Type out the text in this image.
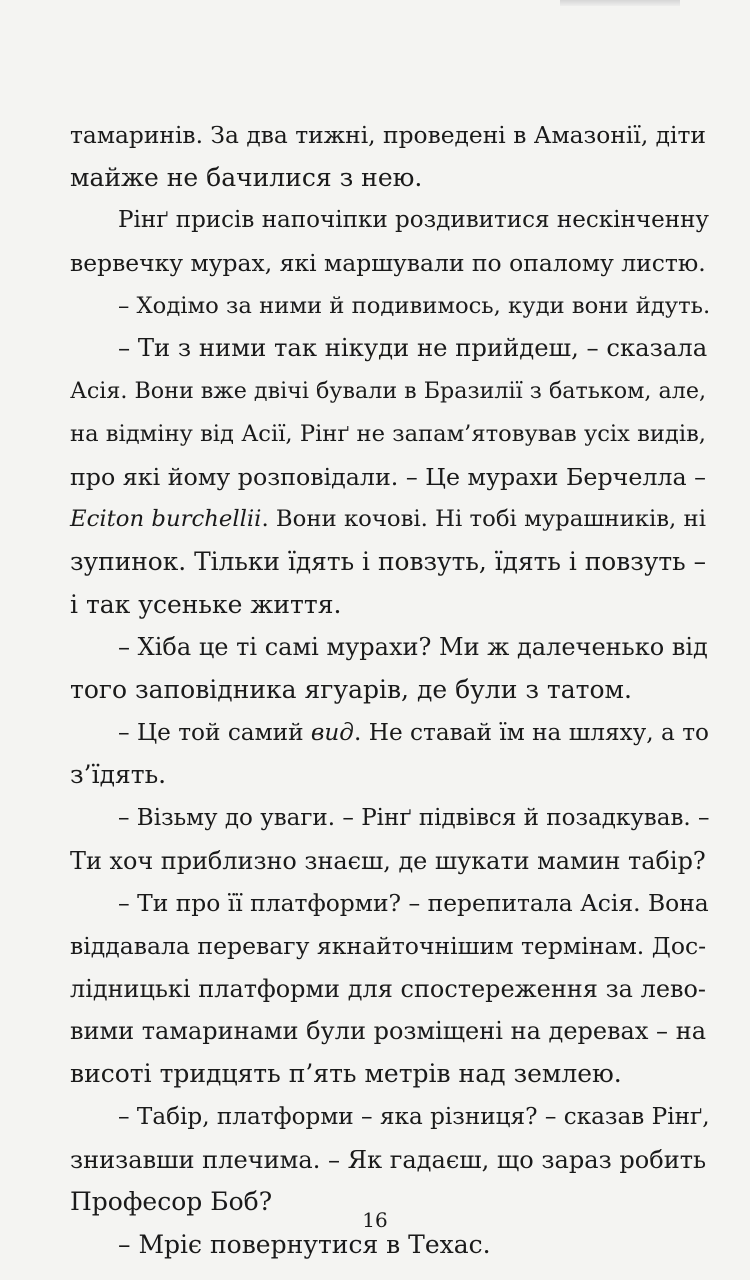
тамаринів. За два тижні, проведені в Амазонії, діти
майже не бачилися з нею.
Рінґ присів напочіпки роздивитися нескінченну
вервечку мурах, які маршували по опалому листю.
– Ходімо за ними й подивимось, куди вони йдуть.
– Ти з ними так нікуди не прийдеш, – сказала
Асія. Вони вже двічі бували в Бразилії з батьком, але,
на відміну від Асії, Рінґ не запам’ятовував усіх видів,
про які йому розповідали. – Це мурахи Берчелла –
Eciton burchellii. Вони кочові. Ні тобі мурашників, ні
зупинок. Тільки їдять і повзуть, їдять і повзуть –
і так усеньке життя.
– Хіба це ті самі мурахи? Ми ж далеченько від
того заповідника ягуарів, де були з татом.
– Це той самий вид. Не ставай їм на шляху, а то
з’їдять.
– Візьму до уваги. – Рінґ підвівся й позадкував. –
Ти хоч приблизно знаєш, де шукати мамин табір?
– Ти про її платформи? – перепитала Асія. Вона
віддавала перевагу якнайточнішим термінам. Дос-
лідницькі платформи для спостереження за лево-
вими тамаринами були розміщені на деревах – на
висоті тридцять п’ять метрів над землею.
– Табір, платформи – яка різниця? – сказав Рінґ,
знизавши плечима. – Як гадаєш, що зараз робить
Професор Боб?
– Мріє повернутися в Техас.
16
